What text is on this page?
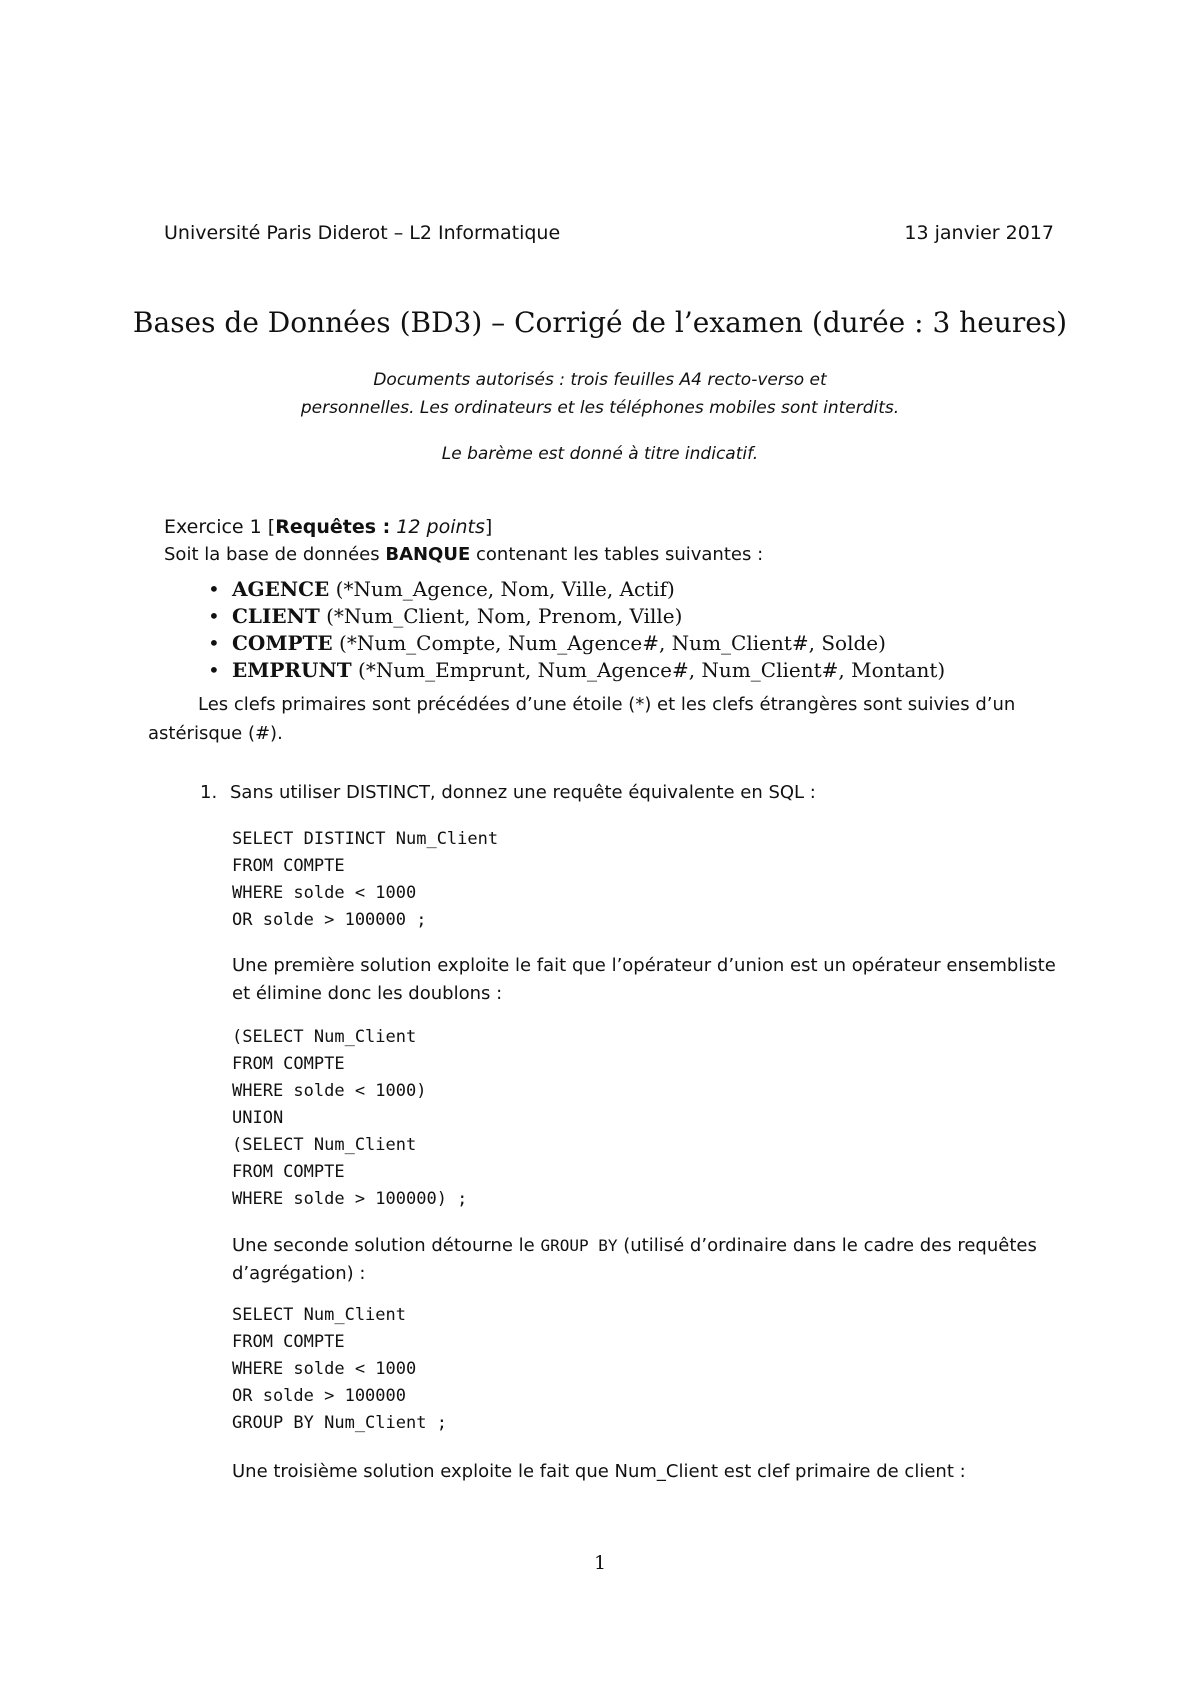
Université Paris Diderot – L2 Informatique	13 janvier 2017
Bases de Données (BD3) – Corrigé de l’examen (durée : 3 heures)
Documents autorisés : trois feuilles A4 recto-verso et
personnelles. Les ordinateurs et les téléphones mobiles sont interdits.
Le barème est donné à titre indicatif.
Exercice 1 [Requêtes : 12 points]
Soit la base de données BANQUE contenant les tables suivantes :
• AGENCE (*Num_Agence, Nom, Ville, Actif)
• CLIENT (*Num_Client, Nom, Prenom, Ville)
• COMPTE (*Num_Compte, Num_Agence#, Num_Client#, Solde)
• EMPRUNT (*Num_Emprunt, Num_Agence#, Num_Client#, Montant)
Les clefs primaires sont précédées d’une étoile (*) et les clefs étrangères sont suivies d’un astérisque (#).
1. Sans utiliser DISTINCT, donnez une requête équivalente en SQL :
SELECT DISTINCT Num_Client
FROM COMPTE
WHERE solde < 1000
OR solde > 100000 ;
Une première solution exploite le fait que l’opérateur d’union est un opérateur ensembliste et élimine donc les doublons :
(SELECT Num_Client
FROM COMPTE
WHERE solde < 1000)
UNION
(SELECT Num_Client
FROM COMPTE
WHERE solde > 100000) ;
Une seconde solution détourne le GROUP BY (utilisé d’ordinaire dans le cadre des requêtes d’agrégation) :
SELECT Num_Client
FROM COMPTE
WHERE solde < 1000
OR solde > 100000
GROUP BY Num_Client ;
Une troisième solution exploite le fait que Num_Client est clef primaire de client :
1
